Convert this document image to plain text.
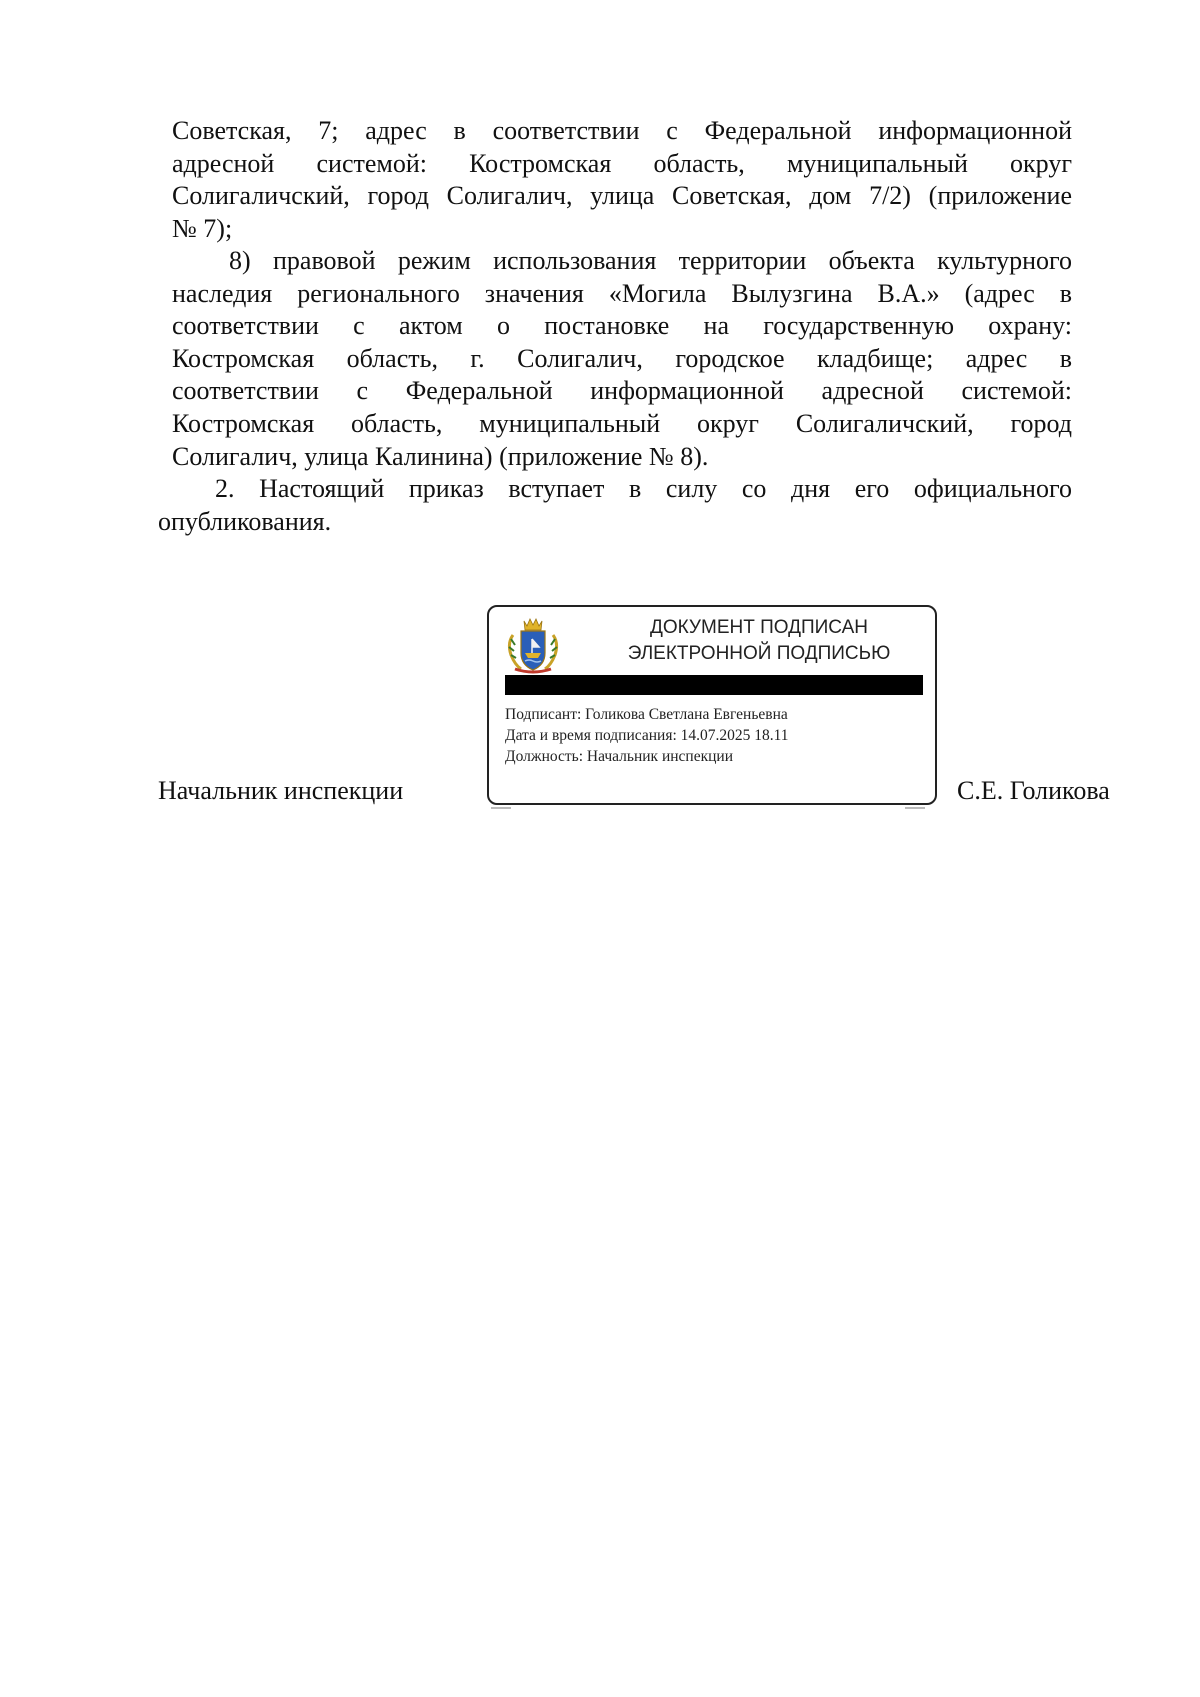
Советская, 7; адрес в соответствии с Федеральной информационной
адресной системой: Костромская область, муниципальный округ
Солигаличский, город Солигалич, улица Советская, дом 7/2) (приложение
№ 7);
8) правовой режим использования территории объекта культурного
наследия регионального значения «Могила Вылузгина В.А.» (адрес в
соответствии с актом о постановке на государственную охрану:
Костромская область, г. Солигалич, городское кладбище; адрес в
соответствии с Федеральной информационной адресной системой:
Костромская область, муниципальный округ Солигаличский, город
Солигалич, улица Калинина) (приложение № 8).
2. Настоящий приказ вступает в силу со дня его официального
опубликования.
ДОКУМЕНТ ПОДПИСАН
ЭЛЕКТРОННОЙ ПОДПИСЬЮ
Подписант: Голикова Светлана Евгеньевна
Дата и время подписания: 14.07.2025 18.11
Должность: Начальник инспекции
Начальник инспекции	С.Е. Голикова
